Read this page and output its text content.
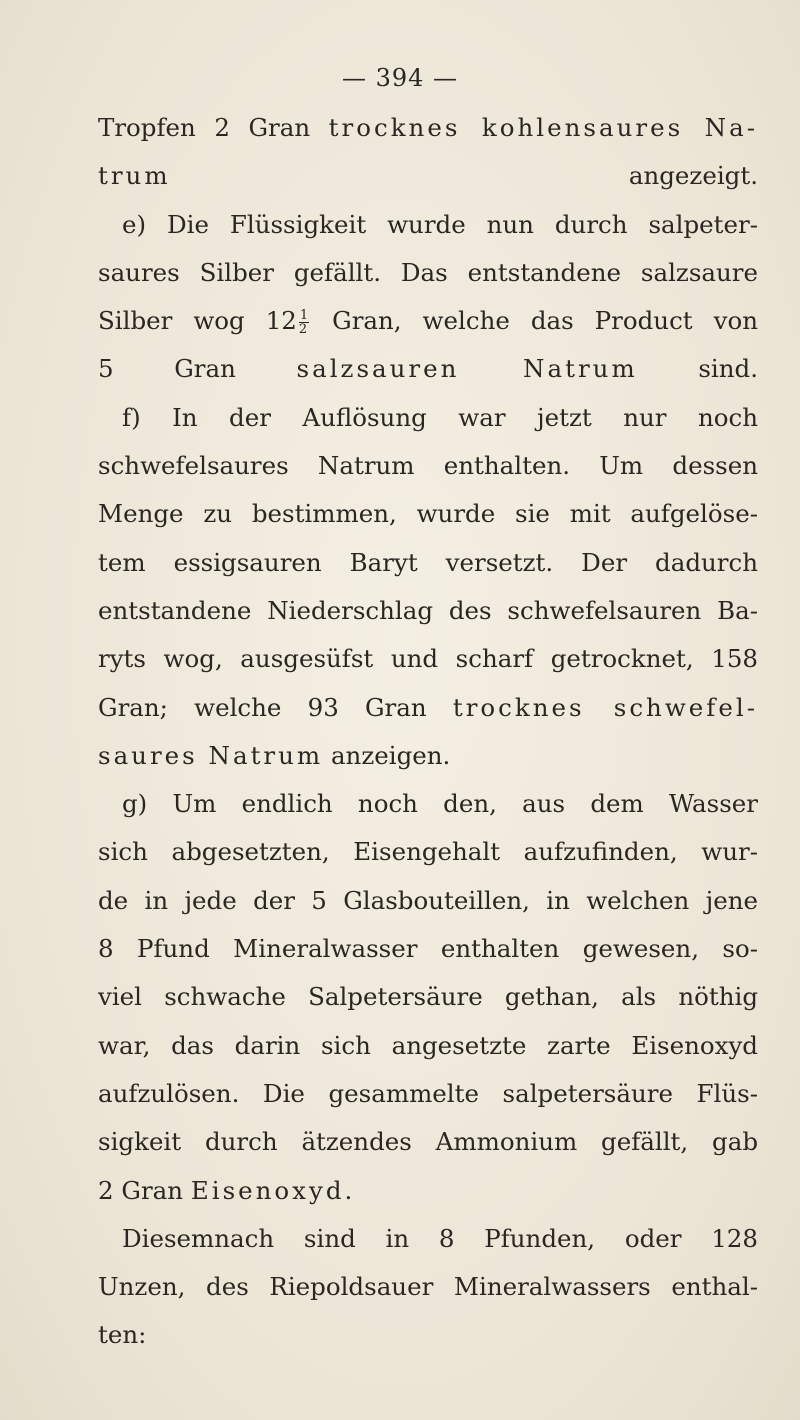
— 394 —
Tropfen 2 Gran trocknes kohlensaures Na-
trum angezeigt.
e) Die Flüssigkeit wurde nun durch salpeter-
saures Silber gefällt. Das entstandene salzsaure
Silber wog $12 \frac{1}{2}$ Gran, welche das Product von
5 Gran salzsauren Natrum sind.
f) In der Auflösung war jetzt nur noch
schwefelsaures Natrum enthalten. Um dessen
Menge zu bestimmen, wurde sie mit aufgelöse-
tem essigsauren Baryt versetzt. Der dadurch
entstandene Niederschlag des schwefelsauren Ba-
ryts wog, ausgesüfst und scharf getrocknet, 158
Gran; welche 93 Gran trocknes schwefel-
saures Natrum anzeigen.
g) Um endlich noch den, aus dem Wasser
sich abgesetzten, Eisengehalt aufzufinden, wur-
de in jede der 5 Glasbouteillen, in welchen jene
8 Pfund Mineralwasser enthalten gewesen, so-
viel schwache Salpetersäure gethan, als nöthig
war, das darin sich angesetzte zarte Eisenoxyd
aufzulösen. Die gesammelte salpetersäure Flüs-
sigkeit durch ätzendes Ammonium gefällt, gab
2 Gran Eisenoxyd.
Diesemnach sind in 8 Pfunden, oder 128
Unzen, des Riepoldsauer Mineralwassers enthal-
ten:
